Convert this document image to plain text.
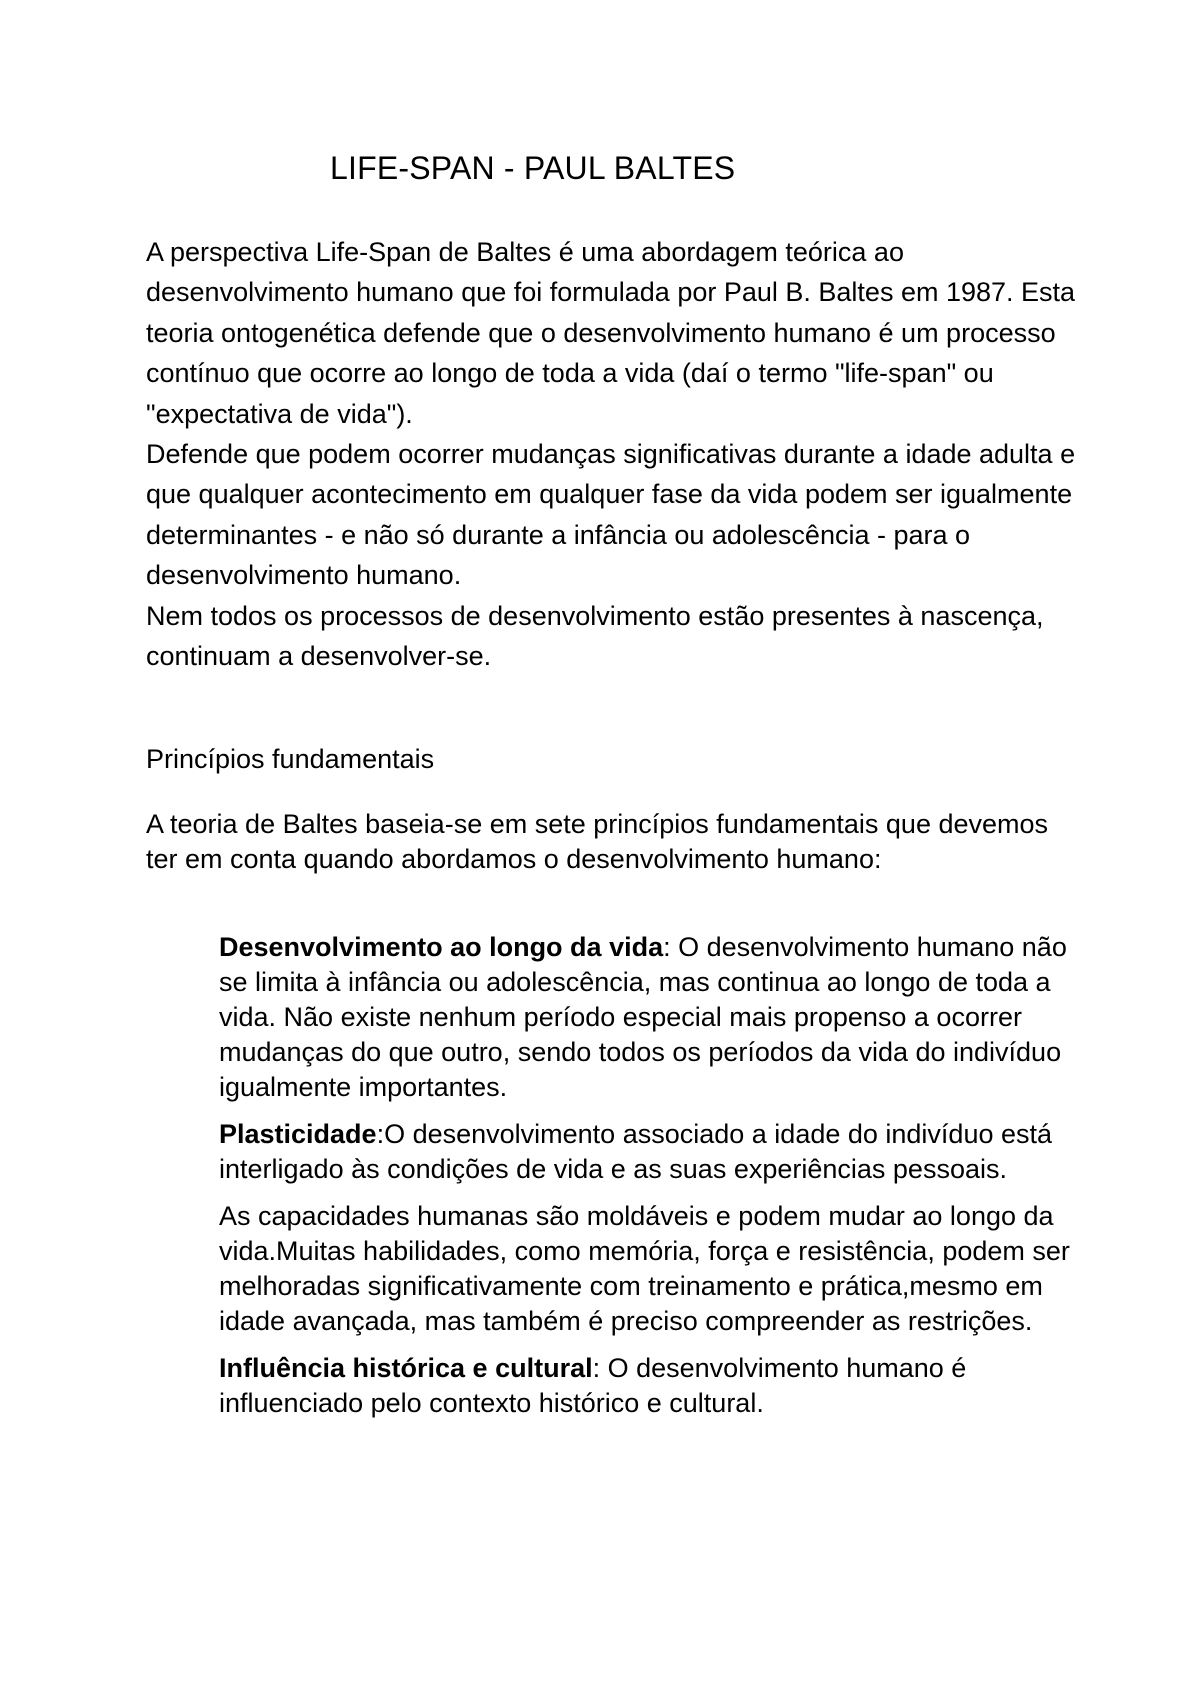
LIFE-SPAN - PAUL BALTES

A perspectiva Life-Span de Baltes é uma abordagem teórica ao desenvolvimento humano que foi formulada por Paul B. Baltes em 1987. Esta teoria ontogenética defende que o desenvolvimento humano é um processo contínuo que ocorre ao longo de toda a vida (daí o termo "life-span" ou "expectativa de vida").

Defende que podem ocorrer mudanças significativas durante a idade adulta e que qualquer acontecimento em qualquer fase da vida podem ser igualmente determinantes - e não só durante a infância ou adolescência - para o desenvolvimento humano.

Nem todos os processos de desenvolvimento estão presentes à nascença, continuam a desenvolver-se.

Princípios fundamentais

A teoria de Baltes baseia-se em sete princípios fundamentais que devemos ter em conta quando abordamos o desenvolvimento humano:

Desenvolvimento ao longo da vida: O desenvolvimento humano não se limita à infância ou adolescência, mas continua ao longo de toda a vida. Não existe nenhum período especial mais propenso a ocorrer mudanças do que outro, sendo todos os períodos da vida do indivíduo igualmente importantes.

Plasticidade:O desenvolvimento associado a idade do indivíduo está interligado às condições de vida e as suas experiências pessoais.

As capacidades humanas são moldáveis e podem mudar ao longo da vida.Muitas habilidades, como memória, força e resistência, podem ser melhoradas significativamente com treinamento e prática,mesmo em idade avançada, mas também é preciso compreender as restrições.

Influência histórica e cultural: O desenvolvimento humano é influenciado pelo contexto histórico e cultural.
